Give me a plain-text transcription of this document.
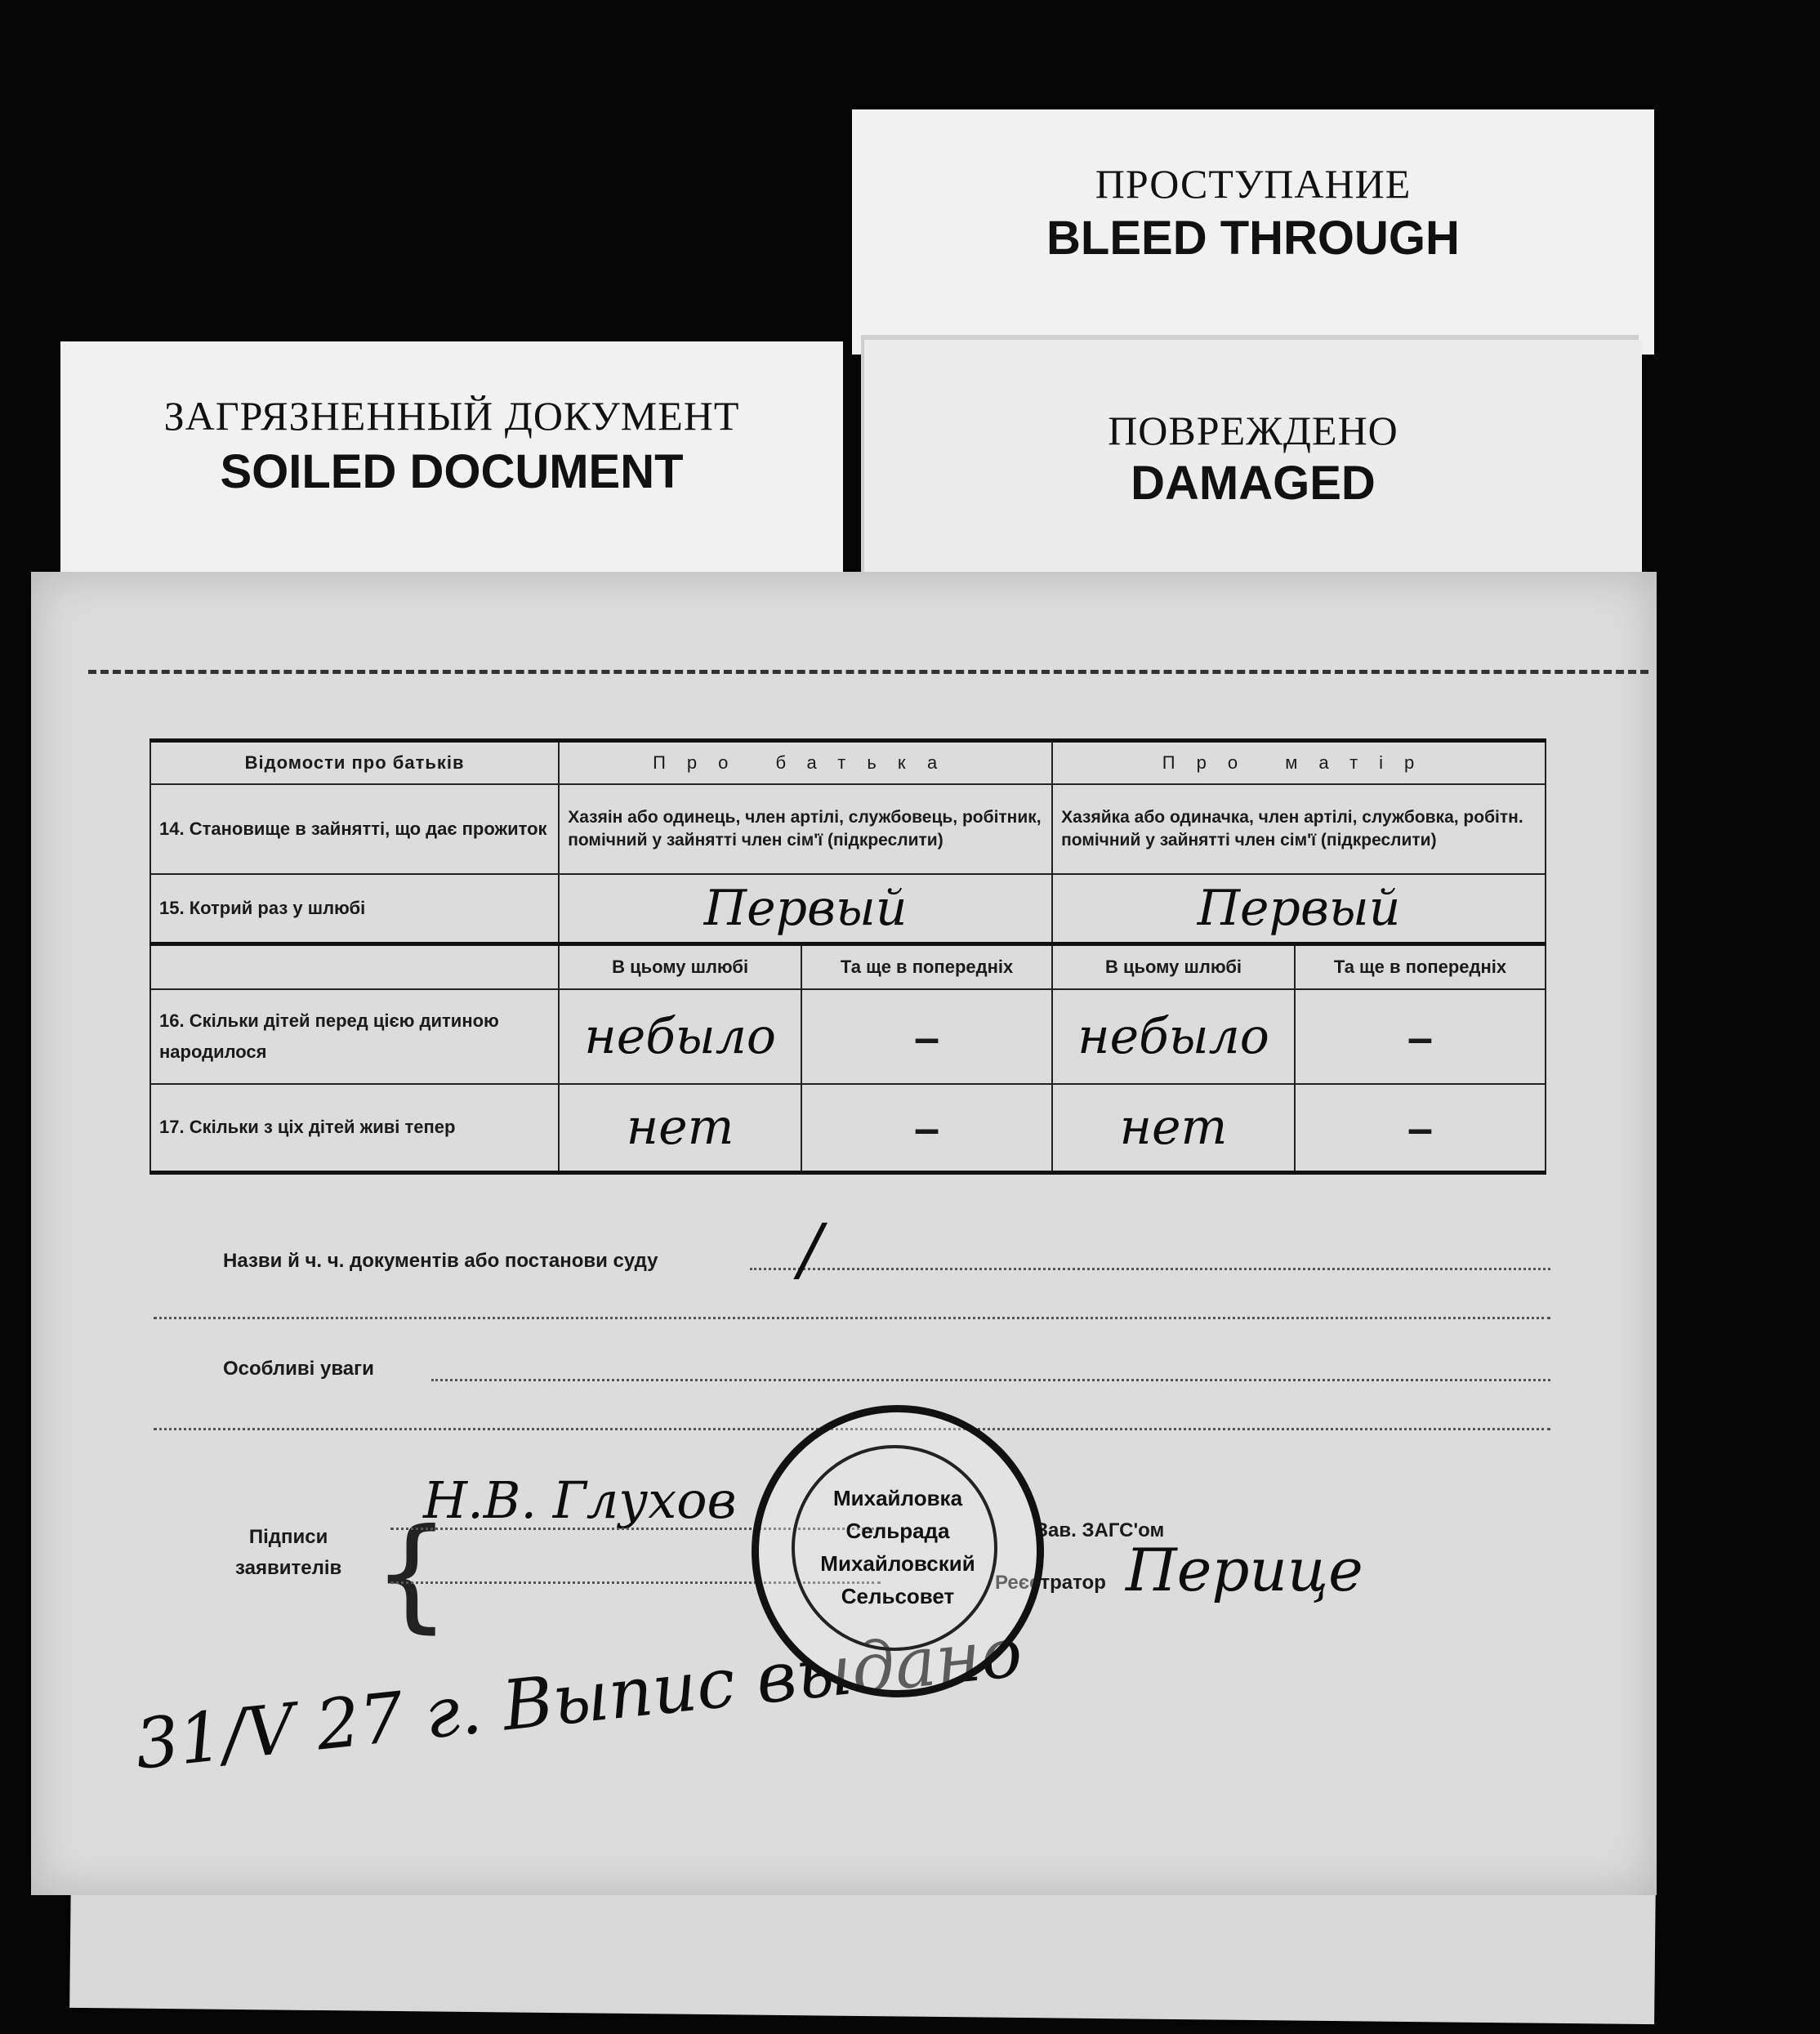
ПРОСТУПАНИЕ
BLEED THROUGH
ЗАГРЯЗНЕННЫЙ ДОКУМЕНТ
SOILED DOCUMENT
ПОВРЕЖДЕНО
DAMAGED
Відомости про батьків	Про батька		Про матір	
14. Становище в зайнятті, що дає прожиток	Хазяін або одинець, член артілі, службовець, робітник, помічний у зайнятті член сім'ї (підкреслити)		Хазяйка або одиначка, член артілі, службовка, робітн. помічний у зайнятті член сім'ї (підкреслити)	
15. Котрий раз у шлюбі	Первый		Первый	
	В цьому шлюбі	Та ще в попередніх	В цьому шлюбі	Та ще в попередніх
16. Скільки дітей перед цією дитиною народилося	небыло	–	небыло	–
17. Скільки з ціх дітей живі тепер	нет	–	нет	–
Назви й ч. ч. документів або постанови суду /
Особливі уваги
Підписи
заявителів {
Н.В. Глухов
Зав. ЗАГС'ом
Реєстратор Перице
31/V 27 г. Выпис выдано
Михайловка
Сельрада
Михайловский
Сельсовет
